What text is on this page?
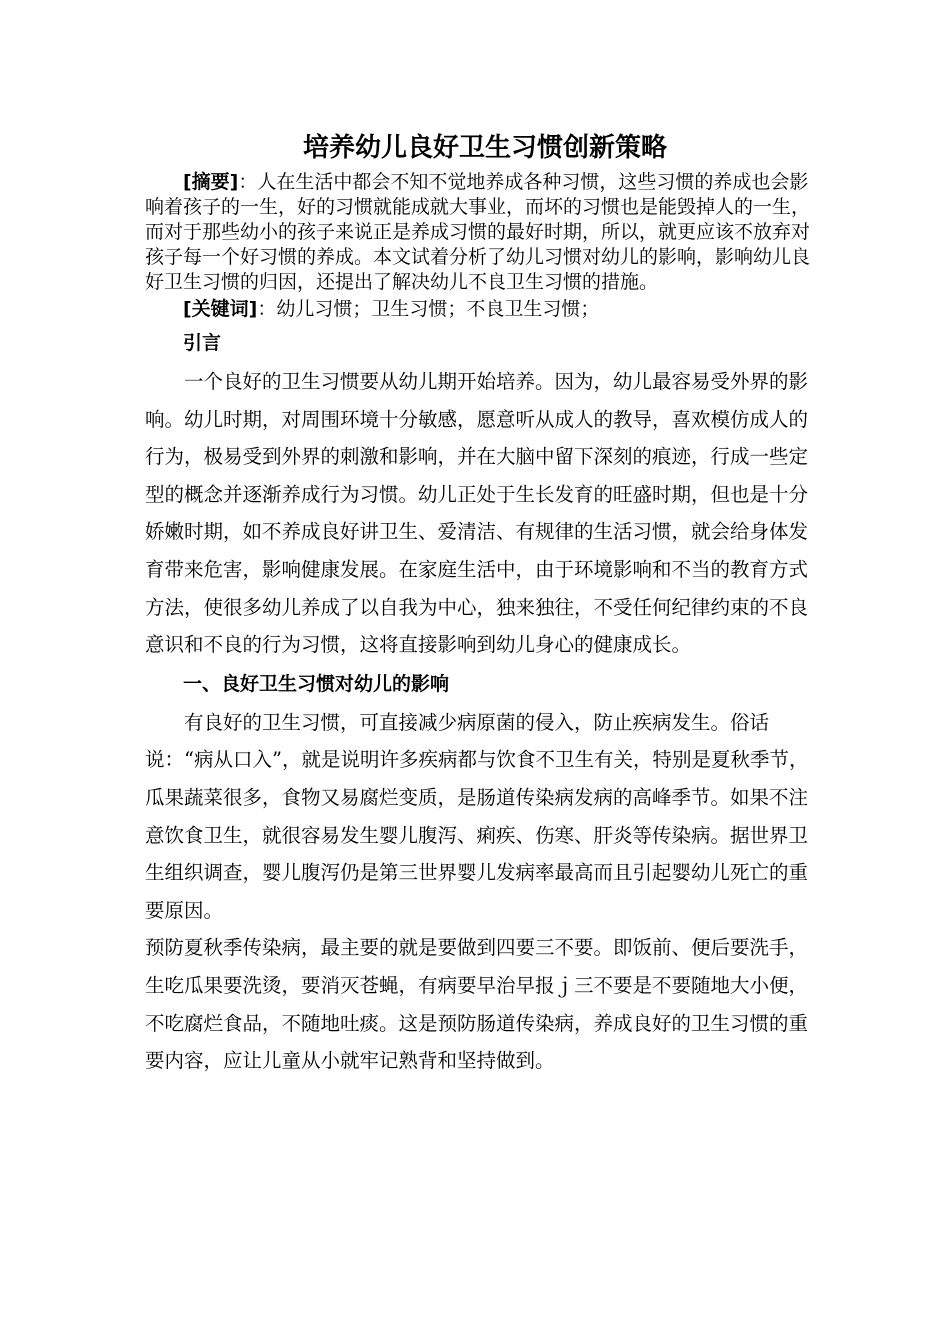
培养幼儿良好卫生习惯创新策略

[摘要]：人在生活中都会不知不觉地养成各种习惯，这些习惯的养成也会影响着孩子的一生，好的习惯就能成就大事业，而坏的习惯也是能毁掉人的一生，而对于那些幼小的孩子来说正是养成习惯的最好时期，所以，就更应该不放弃对孩子每一个好习惯的养成。本文试着分析了幼儿习惯对幼儿的影响，影响幼儿良好卫生习惯的归因，还提出了解决幼儿不良卫生习惯的措施。

[关键词]：幼儿习惯；卫生习惯；不良卫生习惯；

引言

一个良好的卫生习惯要从幼儿期开始培养。因为，幼儿最容易受外界的影响。幼儿时期，对周围环境十分敏感，愿意听从成人的教导，喜欢模仿成人的行为，极易受到外界的刺激和影响，并在大脑中留下深刻的痕迹，行成一些定型的概念并逐渐养成行为习惯。幼儿正处于生长发育的旺盛时期，但也是十分娇嫩时期，如不养成良好讲卫生、爱清洁、有规律的生活习惯，就会给身体发育带来危害，影响健康发展。在家庭生活中，由于环境影响和不当的教育方式方法，使很多幼儿养成了以自我为中心，独来独往，不受任何纪律约束的不良意识和不良的行为习惯，这将直接影响到幼儿身心的健康成长。

一、良好卫生习惯对幼儿的影响

有良好的卫生习惯，可直接减少病原菌的侵入，防止疾病发生。俗话说：“病从口入”，就是说明许多疾病都与饮食不卫生有关，特别是夏秋季节，瓜果蔬菜很多，食物又易腐烂变质，是肠道传染病发病的高峰季节。如果不注意饮食卫生，就很容易发生婴儿腹泻、痢疾、伤寒、肝炎等传染病。据世界卫生组织调查，婴儿腹泻仍是第三世界婴儿发病率最高而且引起婴幼儿死亡的重要原因。

预防夏秋季传染病，最主要的就是要做到四要三不要。即饭前、便后要洗手，生吃瓜果要洗烫，要消灭苍蝇，有病要早治早报ｊ三不要是不要随地大小便，不吃腐烂食品，不随地吐痰。这是预防肠道传染病，养成良好的卫生习惯的重要内容，应让儿童从小就牢记熟背和坚持做到。
